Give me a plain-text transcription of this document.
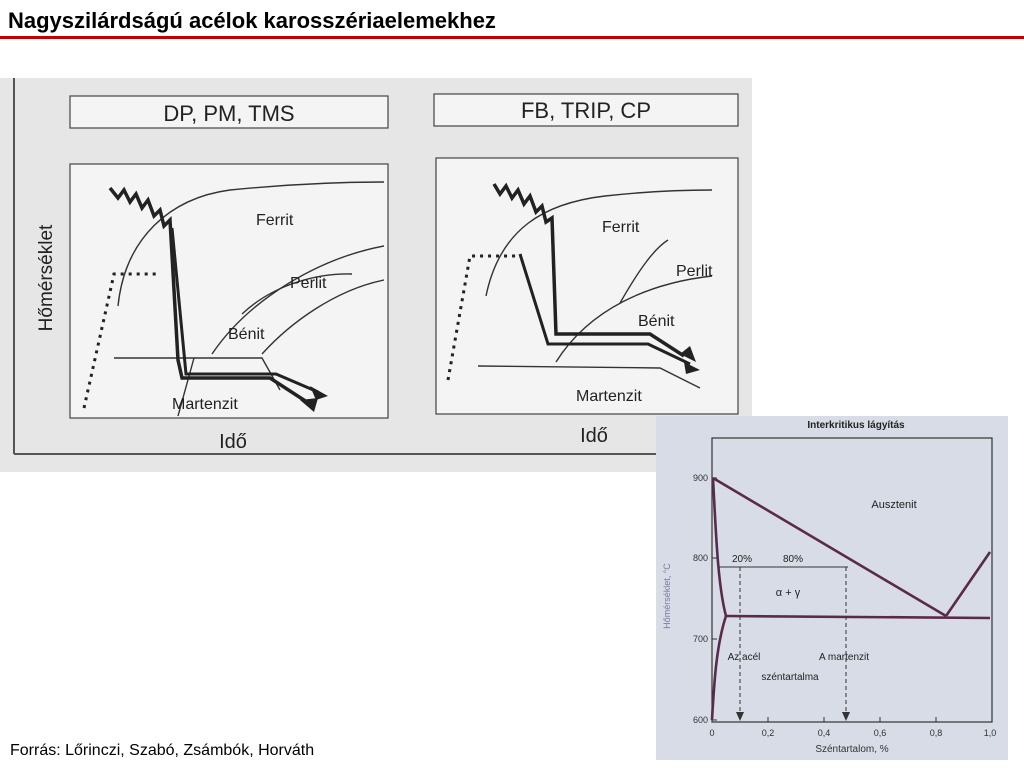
Nagyszilárdságú acélok karosszériaelemekhez
Hőmérséklet
DP, PM, TMS
Ferrit
Perlit
Bénit
Martenzit
Idő
FB, TRIP, CP
Ferrit
Perlit
Bénit
Martenzit
Idő	Interkritikus lágyítás
900
800
700
600
0	0,2	0,4	0,6	0,8	1,0
Széntartalom, %
Hőmérséklet, °C
Ausztenit
α + γ
20%	80%
Az acél	A martenzit
széntartalma
Forrás: Lőrinczi, Szabó, Zsámbók, Horváth
